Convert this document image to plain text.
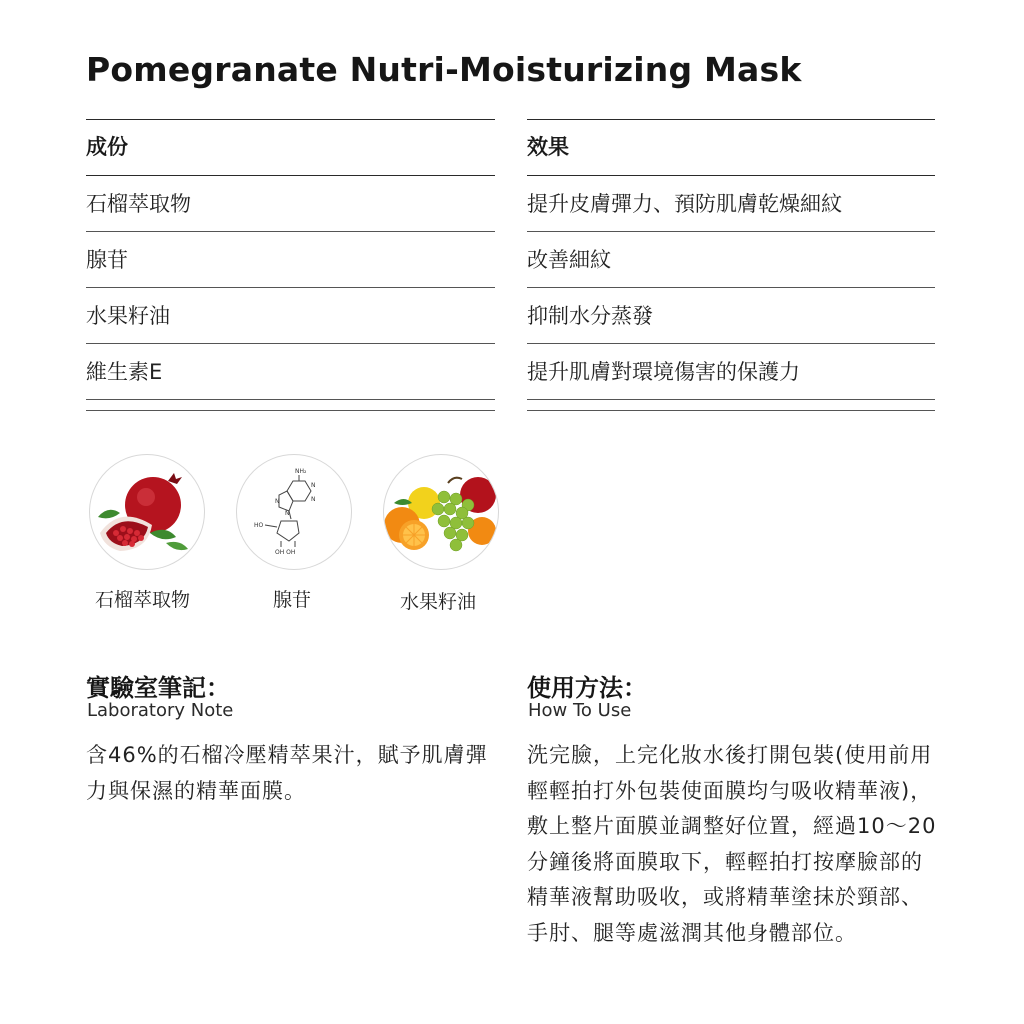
Pomegranate Nutri-Moisturizing Mask
成份
石榴萃取物
腺苷
水果籽油
維生素E
效果
提升皮膚彈力、預防肌膚乾燥細紋
改善細紋
抑制水分蒸發
提升肌膚對環境傷害的保護力
石榴萃取物
NH₂
N
N
N
N
HO
OH OH
腺苷	水果籽油
實驗室筆記：
Laboratory Note
含46%的石榴冷壓精萃果汁，賦予肌膚彈力與保濕的精華面膜。
使用方法：
How To Use
洗完臉，上完化妝水後打開包裝(使用前用輕輕拍打外包裝使面膜均勻吸收精華液)，敷上整片面膜並調整好位置，經過10～20分鐘後將面膜取下，輕輕拍打按摩臉部的精華液幫助吸收，或將精華塗抹於頸部、手肘、腿等處滋潤其他身體部位。
